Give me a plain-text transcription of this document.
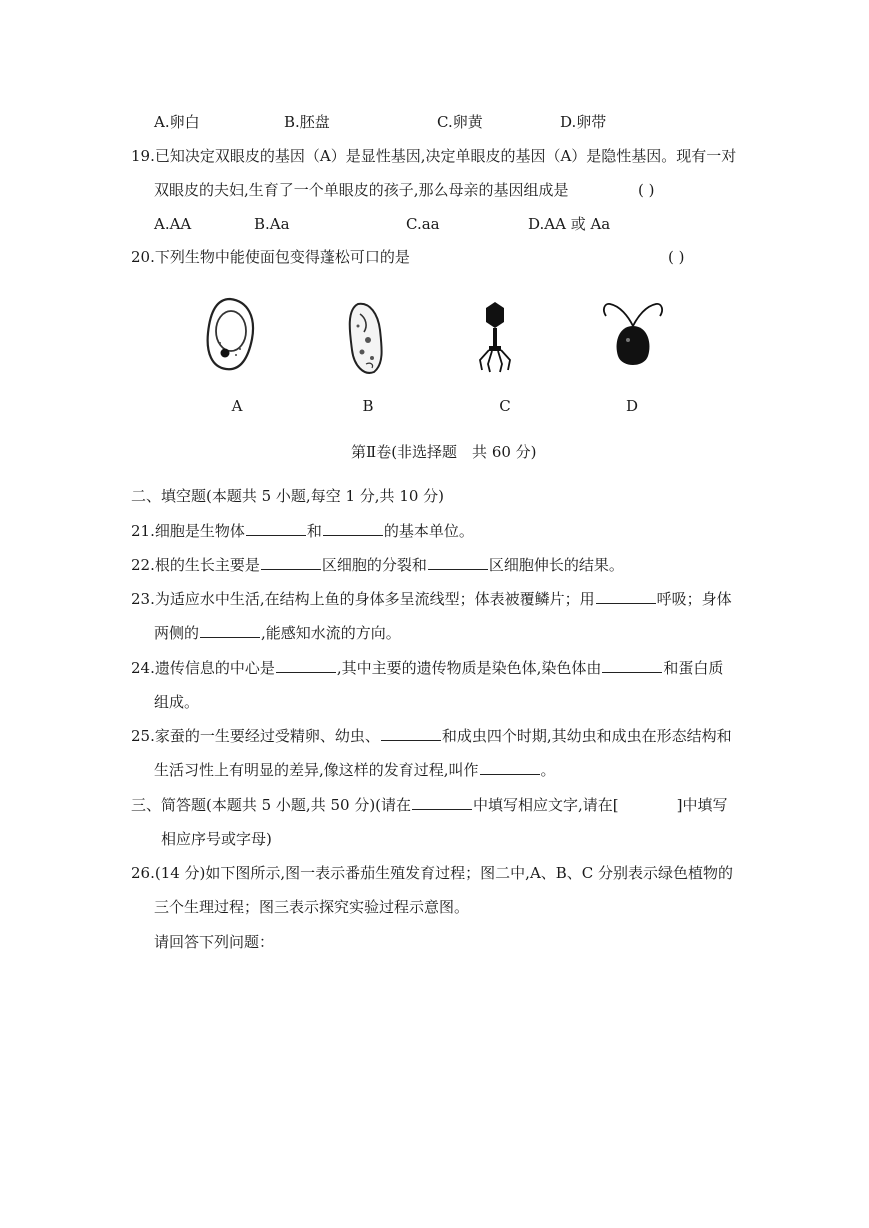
A.卵白	B.胚盘	C.卵黄	D.卵带
19.已知决定双眼皮的基因（A）是显性基因,决定单眼皮的基因（A）是隐性基因。现有一对
双眼皮的夫妇,生育了一个单眼皮的孩子,那么母亲的基因组成是	( )
A.AA	B.Aa	C.aa	D.AA 或 Aa
20.下列生物中能使面包变得蓬松可口的是	( )
A	B	C	D
第Ⅱ卷(非选择题　共 60 分)
二、填空题(本题共 5 小题,每空 1 分,共 10 分)
21.细胞是生物体	和	的基本单位。
22.根的生长主要是	区细胞的分裂和	区细胞伸长的结果。
23.为适应水中生活,在结构上鱼的身体多呈流线型；体表被覆鳞片；用	呼吸；身体
两侧的	,能感知水流的方向。
24.遗传信息的中心是	,其中主要的遗传物质是染色体,染色体由	和蛋白质
组成。
25.家蚕的一生要经过受精卵、幼虫、	和成虫四个时期,其幼虫和成虫在形态结构和
生活习性上有明显的差异,像这样的发育过程,叫作	。
三、简答题(本题共 5 小题,共 50 分)(请在	中填写相应文字,请在[	]中填写
相应序号或字母)
26.(14 分)如下图所示,图一表示番茄生殖发育过程；图二中,A、B、C 分别表示绿色植物的
三个生理过程；图三表示探究实验过程示意图。
请回答下列问题：
